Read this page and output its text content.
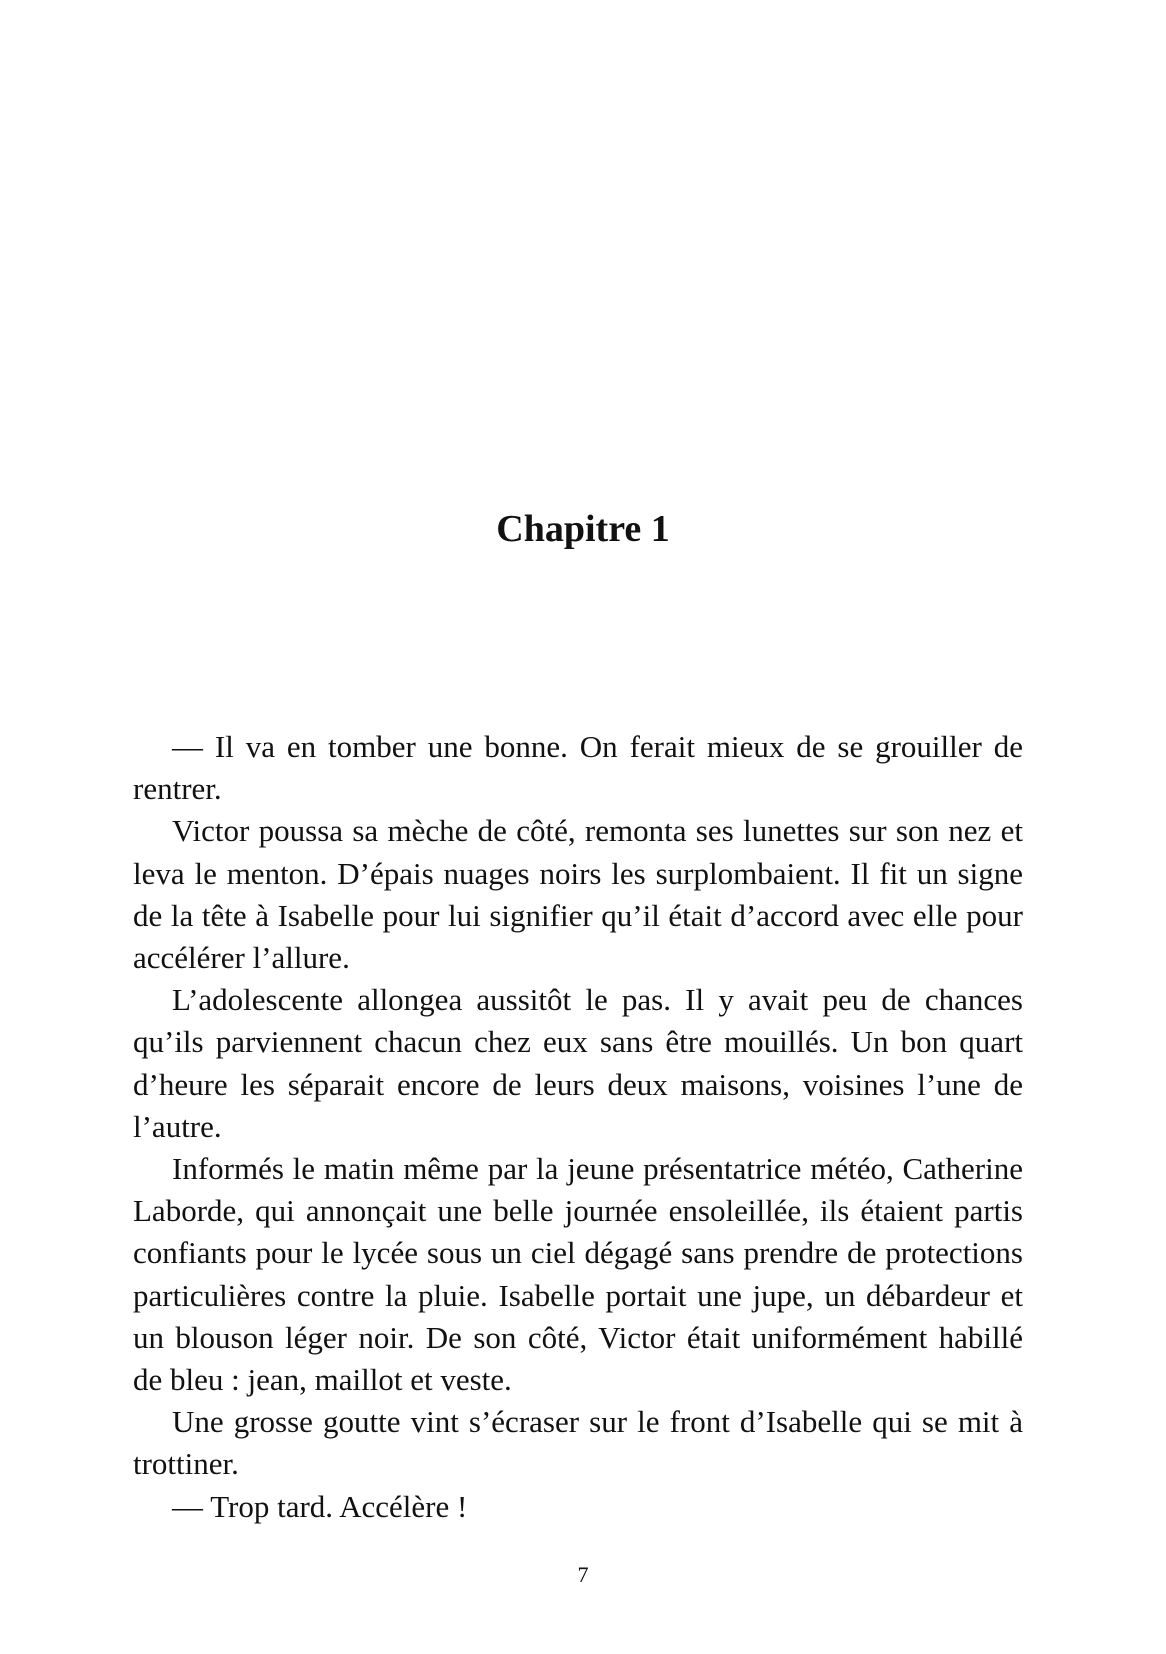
Chapitre 1

— Il va en tomber une bonne. On ferait mieux de se grouiller de rentrer.

Victor poussa sa mèche de côté, remonta ses lunettes sur son nez et leva le menton. D’épais nuages noirs les surplombaient. Il fit un signe de la tête à Isabelle pour lui signifier qu’il était d’accord avec elle pour accélérer l’allure.

L’adolescente allongea aussitôt le pas. Il y avait peu de chances qu’ils parviennent chacun chez eux sans être mouillés. Un bon quart d’heure les séparait encore de leurs deux maisons, voisines l’une de l’autre.

Informés le matin même par la jeune présentatrice météo, Catherine Laborde, qui annonçait une belle journée ensoleillée, ils étaient partis confiants pour le lycée sous un ciel dégagé sans prendre de protections particulières contre la pluie. Isabelle portait une jupe, un débardeur et un blouson léger noir. De son côté, Victor était uniformément habillé de bleu : jean, maillot et veste.

Une grosse goutte vint s’écraser sur le front d’Isabelle qui se mit à trottiner.

— Trop tard. Accélère !

7
